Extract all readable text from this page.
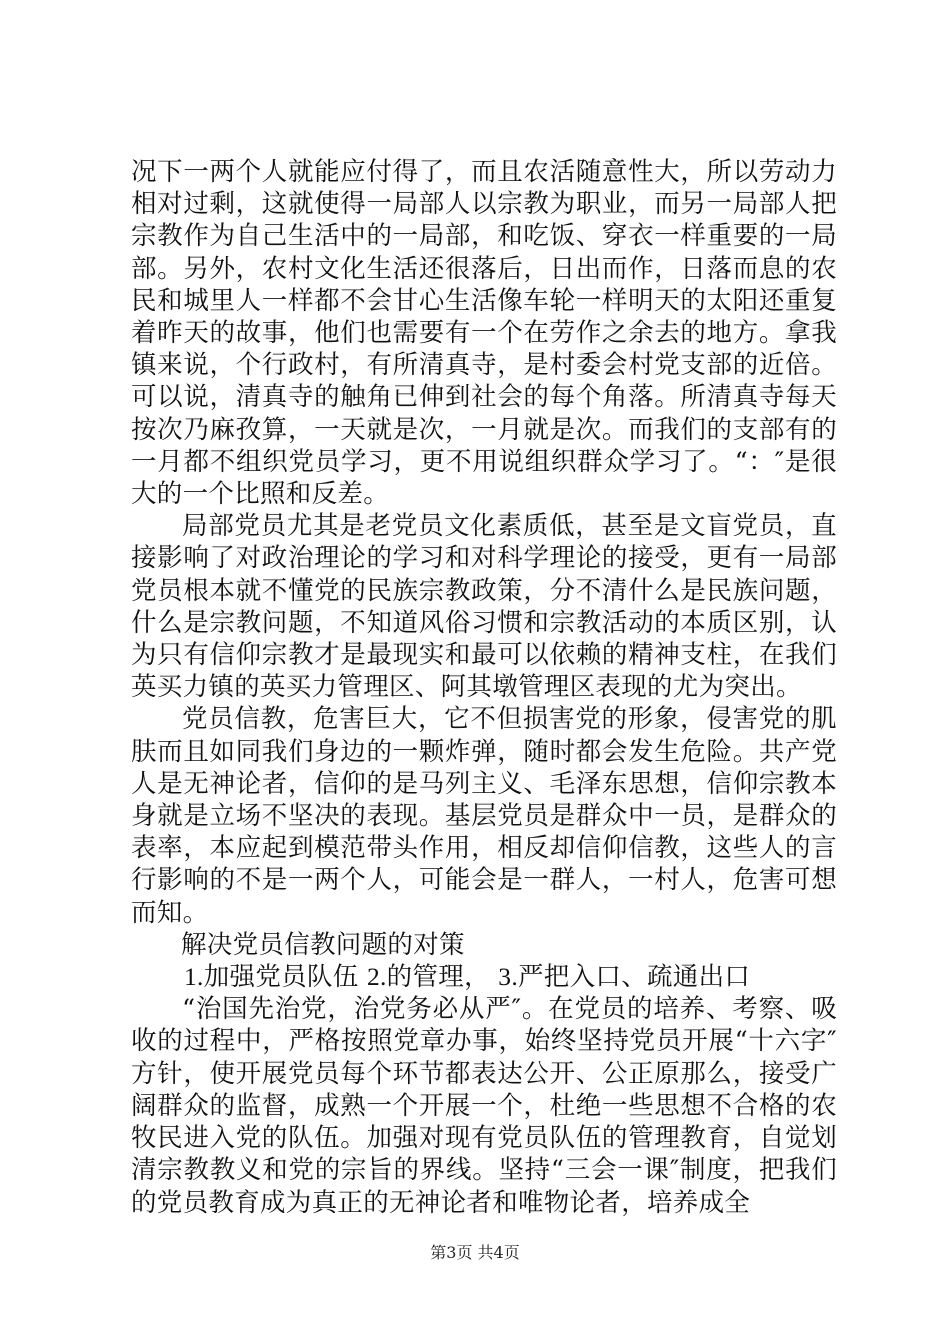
况下一两个人就能应付得了，而且农活随意性大，所以劳动力相对过剩，这就使得一局部人以宗教为职业，而另一局部人把宗教作为自己生活中的一局部，和吃饭、穿衣一样重要的一局部。另外，农村文化生活还很落后，日出而作，日落而息的农民和城里人一样都不会甘心生活像车轮一样明天的太阳还重复着昨天的故事，他们也需要有一个在劳作之余去的地方。拿我镇来说，个行政村，有所清真寺，是村委会村党支部的近倍。可以说，清真寺的触角已伸到社会的每个角落。所清真寺每天按次乃麻孜算，一天就是次，一月就是次。而我们的支部有的一月都不组织党员学习，更不用说组织群众学习了。“：″是很大的一个比照和反差。

局部党员尤其是老党员文化素质低，甚至是文盲党员，直接影响了对政治理论的学习和对科学理论的接受，更有一局部党员根本就不懂党的民族宗教政策，分不清什么是民族问题，什么是宗教问题，不知道风俗习惯和宗教活动的本质区别，认为只有信仰宗教才是最现实和最可以依赖的精神支柱，在我们英买力镇的英买力管理区、阿其墩管理区表现的尤为突出。

党员信教，危害巨大，它不但损害党的形象，侵害党的肌肤而且如同我们身边的一颗炸弹，随时都会发生危险。共产党人是无神论者，信仰的是马列主义、毛泽东思想，信仰宗教本身就是立场不坚决的表现。基层党员是群众中一员，是群众的表率，本应起到模范带头作用，相反却信仰信教，这些人的言行影响的不是一两个人，可能会是一群人，一村人，危害可想而知。

解决党员信教问题的对策

1.加强党员队伍 2.的管理， 3.严把入口、疏通出口

“治国先治党，治党务必从严″。在党员的培养、考察、吸收的过程中，严格按照党章办事，始终坚持党员开展“十六字″方针，使开展党员每个环节都表达公开、公正原那么，接受广阔群众的监督，成熟一个开展一个，杜绝一些思想不合格的农牧民进入党的队伍。加强对现有党员队伍的管理教育，自觉划清宗教教义和党的宗旨的界线。坚持“三会一课″制度，把我们的党员教育成为真正的无神论者和唯物论者，培养成全

第3页 共4页
